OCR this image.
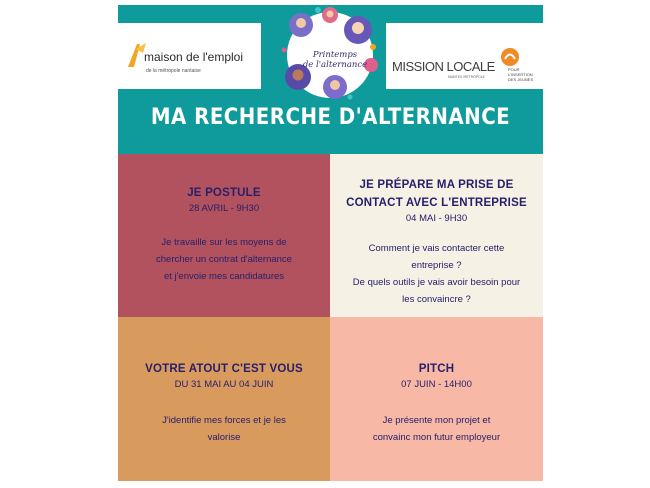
maison de l'emploi
de la métropole nantaise
Printemps
de l'alternance MISSION LOCALE
NANTES MÉTROPOLE
POUR L'INSERTION DES JEUNES
MA RECHERCHE D'ALTERNANCE
JE POSTULE
28 AVRIL - 9H30
Je travaille sur les moyens de
chercher un contrat d'alternance
et j'envoie mes candidatures
JE PRÉPARE MA PRISE DE
CONTACT AVEC L'ENTREPRISE
04 MAI - 9H30
Comment je vais contacter cette
entreprise ?
De quels outils je vais avoir besoin pour
les convaincre ?
VOTRE ATOUT C'EST VOUS
DU 31 MAI AU 04 JUIN
J'identifie mes forces et je les
valorise
PITCH
07 JUIN - 14H00
Je présente mon projet et
convainc mon futur employeur
